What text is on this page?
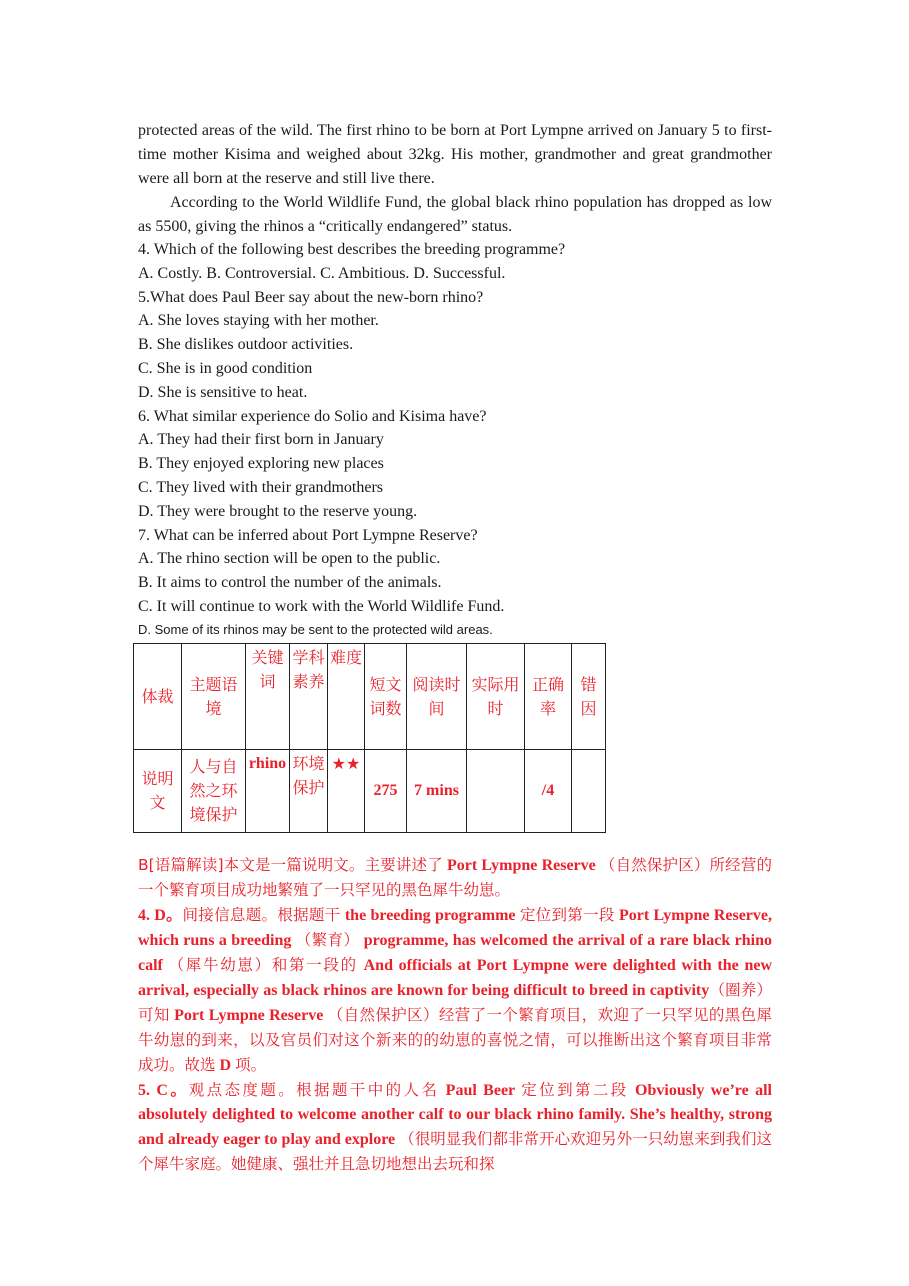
protected areas of the wild. The first rhino to be born at Port Lympne arrived on January 5 to first-time mother Kisima and weighed about 32kg. His mother, grandmother and great grandmother were all born at the reserve and still live there.

According to the World Wildlife Fund, the global black rhino population has dropped as low as 5500, giving the rhinos a “critically endangered” status.

4. Which of the following best describes the breeding programme?

A. Costly. B. Controversial. C. Ambitious. D. Successful.

5.What does Paul Beer say about the new-born rhino?

A. She loves staying with her mother.

B. She dislikes outdoor activities.

C. She is in good condition

D. She is sensitive to heat.

6. What similar experience do Solio and Kisima have?

A. They had their first born in January

B. They enjoyed exploring new places

C. They lived with their grandmothers

D. They were brought to the reserve young.

7. What can be inferred about Port Lympne Reserve?

A. The rhino section will be open to the public.

B. It aims to control the number of the animals.

C. It will continue to work with the World Wildlife Fund.

D. Some of its rhinos may be sent to the protected wild areas.

体裁	主题语境	关键词	学科素养	难度	短文词数	阅读时间	实际用时	正确率	错因
说明文	人与自然之环境保护	rhino	环境保护	★★	275	7 mins		/4	

B[语篇解读]本文是一篇说明文。主要讲述了 Port Lympne Reserve （自然保护区）所经营的一个繁育项目成功地繁殖了一只罕见的黑色犀牛幼崽。

4. D。间接信息题。根据题干 the breeding programme 定位到第一段 Port Lympne Reserve, which runs a breeding （繁育） programme, has welcomed the arrival of a rare black rhino calf （犀牛幼崽）和第一段的 And officials at Port Lympne were delighted with the new arrival, especially as black rhinos are known for being difficult to breed in captivity（圈养）可知 Port Lympne Reserve （自然保护区）经营了一个繁育项目，欢迎了一只罕见的黑色犀牛幼崽的到来，以及官员们对这个新来的的幼崽的喜悦之情，可以推断出这个繁育项目非常成功。故选 D 项。

5. C。观点态度题。根据题干中的人名 Paul Beer 定位到第二段 Obviously we’re all absolutely delighted to welcome another calf to our black rhino family. She’s healthy, strong and already eager to play and explore （很明显我们都非常开心欢迎另外一只幼崽来到我们这个犀牛家庭。她健康、强壮并且急切地想出去玩和探
